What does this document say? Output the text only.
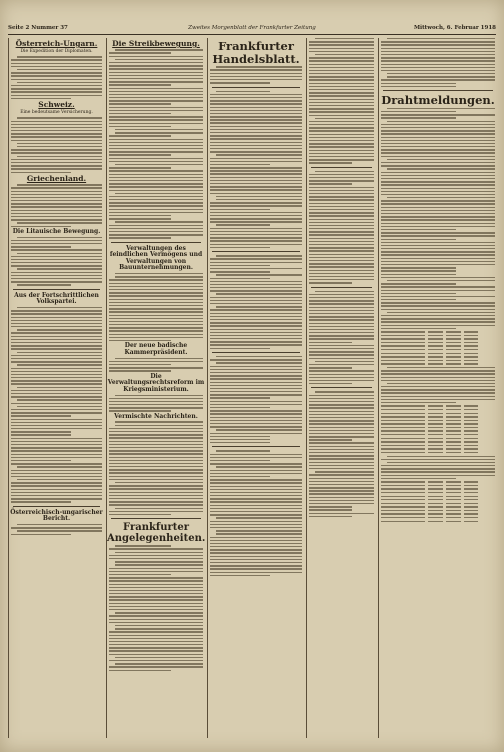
Seite 2 Nummer 37	Zweites Morgenblatt der Frankfurter Zeitung	Mittwoch, 6. Februar 1918
Österreich-Ungarn.
Die Expedition der Diplomaten.
Schweiz.
Eine bedeutsame Versicherung.
Griechenland.
Die Litauische Bewegung.
Aus der Fortschrittlichen Volkspartei.
Österreichisch-ungarischer Bericht.
Die Streikbewegung.
Verwaltungen des feindlichen Vermögens und Verwaltungen von Bauunternehmungen.
Der neue badische Kammerpräsident.
Die Verwaltungsrechtsreform im Kriegsministerium.
Vermischte Nachrichten.
Frankfurter Angelegenheiten.
Frankfurter Handelsblatt.
Drahtmeldungen.
